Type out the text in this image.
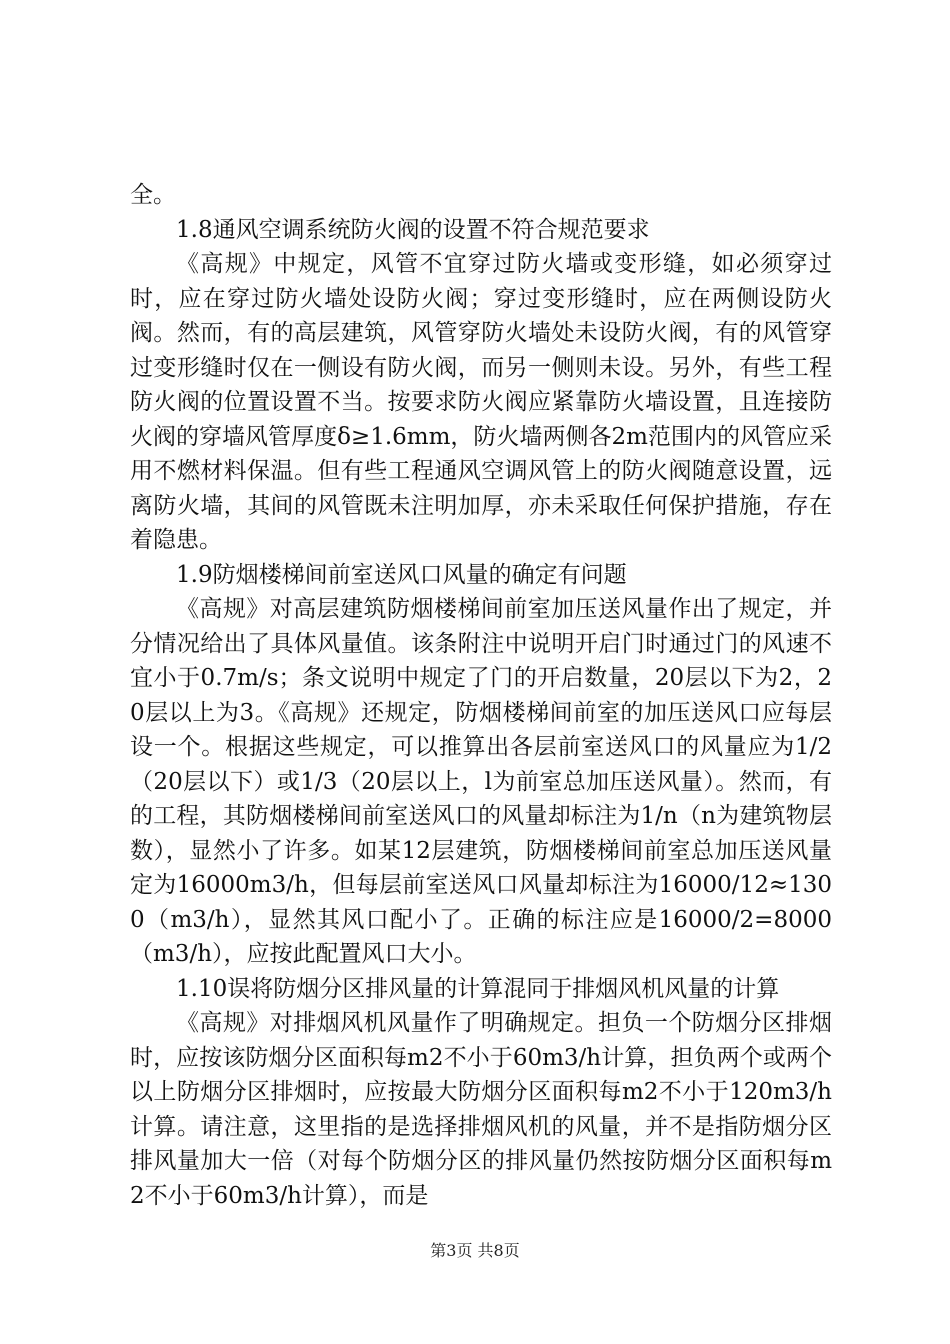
全。

1.8通风空调系统防火阀的设置不符合规范要求

《高规》中规定，风管不宜穿过防火墙或变形缝，如必须穿过时，应在穿过防火墙处设防火阀；穿过变形缝时，应在两侧设防火阀。然而，有的高层建筑，风管穿防火墙处未设防火阀，有的风管穿过变形缝时仅在一侧设有防火阀，而另一侧则未设。另外，有些工程防火阀的位置设置不当。按要求防火阀应紧靠防火墙设置，且连接防火阀的穿墙风管厚度δ≥1.6mm，防火墙两侧各2m范围内的风管应采用不燃材料保温。但有些工程通风空调风管上的防火阀随意设置，远离防火墙，其间的风管既未注明加厚，亦未采取任何保护措施，存在着隐患。

1.9防烟楼梯间前室送风口风量的确定有问题

《高规》对高层建筑防烟楼梯间前室加压送风量作出了规定，并分情况给出了具体风量值。该条附注中说明开启门时通过门的风速不宜小于0.7m/s；条文说明中规定了门的开启数量，20层以下为2，20层以上为3。《高规》还规定，防烟楼梯间前室的加压送风口应每层设一个。根据这些规定，可以推算出各层前室送风口的风量应为1/2（20层以下）或1/3（20层以上，l为前室总加压送风量）。然而，有的工程，其防烟楼梯间前室送风口的风量却标注为1/n（n为建筑物层数），显然小了许多。如某12层建筑，防烟楼梯间前室总加压送风量定为16000m3/h，但每层前室送风口风量却标注为16000/12≈1300（m3/h），显然其风口配小了。正确的标注应是16000/2=8000（m3/h），应按此配置风口大小。

1.10误将防烟分区排风量的计算混同于排烟风机风量的计算

《高规》对排烟风机风量作了明确规定。担负一个防烟分区排烟时，应按该防烟分区面积每m2不小于60m3/h计算，担负两个或两个以上防烟分区排烟时，应按最大防烟分区面积每m2不小于120m3/h计算。请注意，这里指的是选择排烟风机的风量，并不是指防烟分区排风量加大一倍（对每个防烟分区的排风量仍然按防烟分区面积每m2不小于60m3/h计算），而是

第3页 共8页
